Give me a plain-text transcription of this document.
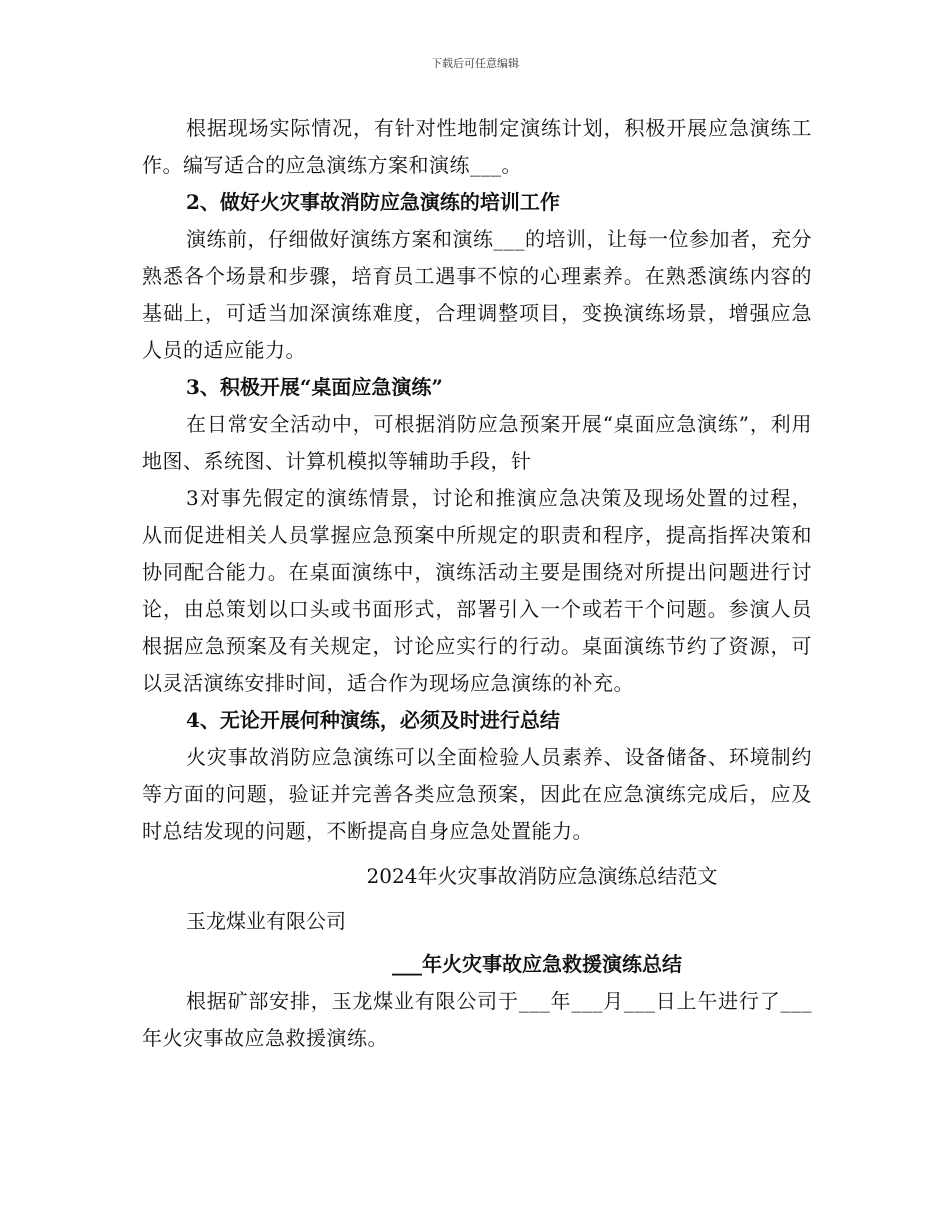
下载后可任意编辑

根据现场实际情况，有针对性地制定演练计划，积极开展应急演练工作。编写适合的应急演练方案和演练___。

2、做好火灾事故消防应急演练的培训工作

演练前，仔细做好演练方案和演练___的培训，让每一位参加者，充分熟悉各个场景和步骤，培育员工遇事不惊的心理素养。在熟悉演练内容的基础上，可适当加深演练难度，合理调整项目，变换演练场景，增强应急人员的适应能力。

3、积极开展“桌面应急演练”

在日常安全活动中，可根据消防应急预案开展“桌面应急演练”，利用地图、系统图、计算机模拟等辅助手段，针

3对事先假定的演练情景，讨论和推演应急决策及现场处置的过程，从而促进相关人员掌握应急预案中所规定的职责和程序，提高指挥决策和协同配合能力。在桌面演练中，演练活动主要是围绕对所提出问题进行讨论，由总策划以口头或书面形式，部署引入一个或若干个问题。参演人员根据应急预案及有关规定，讨论应实行的行动。桌面演练节约了资源，可以灵活演练安排时间，适合作为现场应急演练的补充。

4、无论开展何种演练，必须及时进行总结

火灾事故消防应急演练可以全面检验人员素养、设备储备、环境制约等方面的问题，验证并完善各类应急预案，因此在应急演练完成后，应及时总结发现的问题，不断提高自身应急处置能力。

2024年火灾事故消防应急演练总结范文

玉龙煤业有限公司

___年火灾事故应急救援演练总结

根据矿部安排，玉龙煤业有限公司于___年___月___日上午进行了___年火灾事故应急救援演练。
